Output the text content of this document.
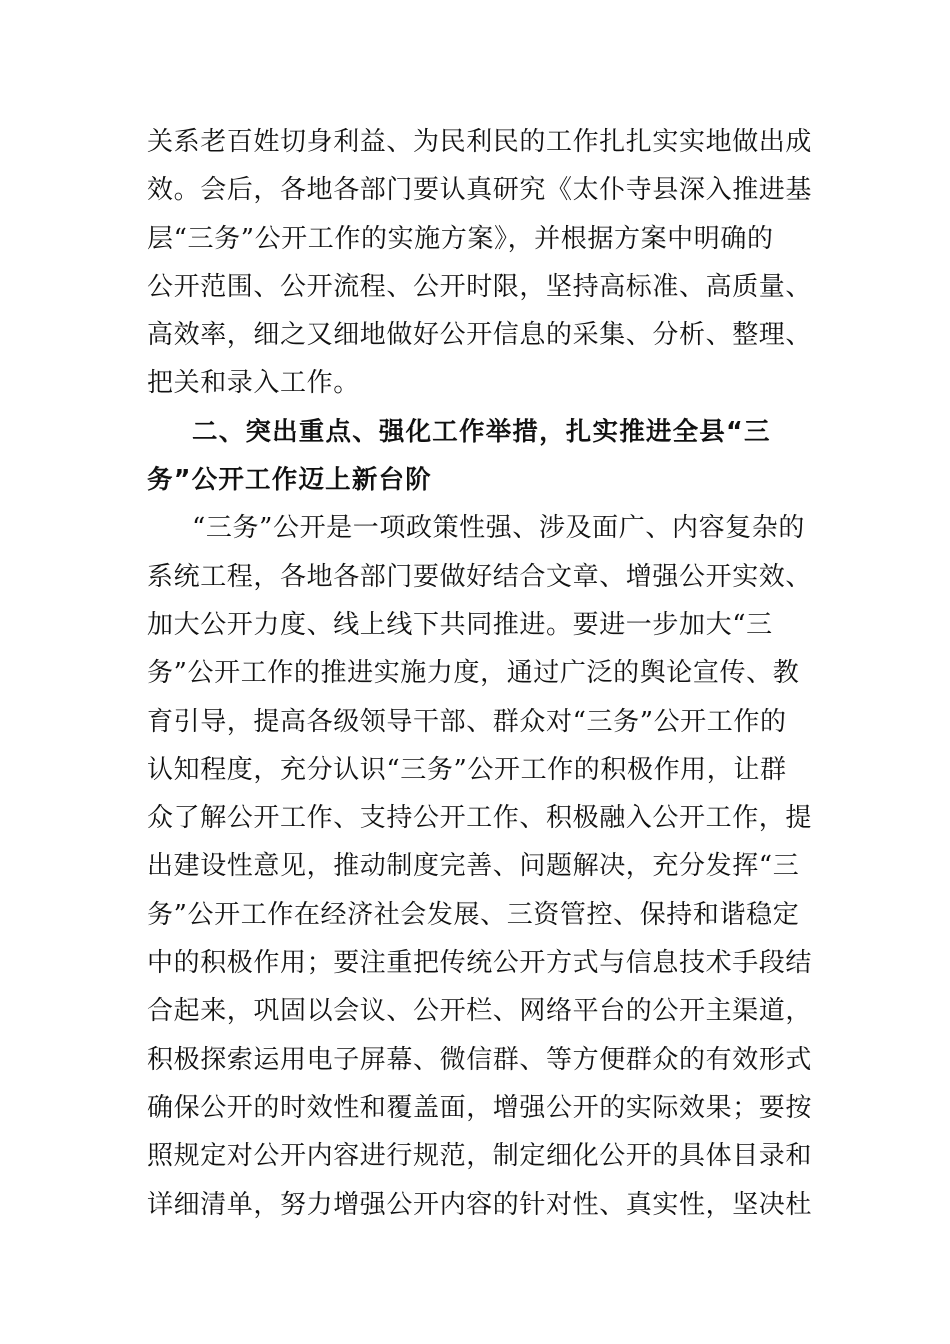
关系老百姓切身利益、为民利民的工作扎扎实实地做出成
效。会后，各地各部门要认真研究《太仆寺县深入推进基
层“三务”公开工作的实施方案》，并根据方案中明确的
公开范围、公开流程、公开时限，坚持高标准、高质量、
高效率，细之又细地做好公开信息的采集、分析、整理、
把关和录入工作。
二、突出重点、强化工作举措，扎实推进全县“三
务”公开工作迈上新台阶
“三务”公开是一项政策性强、涉及面广、内容复杂的
系统工程，各地各部门要做好结合文章、增强公开实效、
加大公开力度、线上线下共同推进。要进一步加大“三
务”公开工作的推进实施力度，通过广泛的舆论宣传、教
育引导，提高各级领导干部、群众对“三务”公开工作的
认知程度，充分认识“三务”公开工作的积极作用，让群
众了解公开工作、支持公开工作、积极融入公开工作，提
出建设性意见，推动制度完善、问题解决，充分发挥“三
务”公开工作在经济社会发展、三资管控、保持和谐稳定
中的积极作用；要注重把传统公开方式与信息技术手段结
合起来，巩固以会议、公开栏、网络平台的公开主渠道，
积极探索运用电子屏幕、微信群、等方便群众的有效形式
确保公开的时效性和覆盖面，增强公开的实际效果；要按
照规定对公开内容进行规范，制定细化公开的具体目录和
详细清单，努力增强公开内容的针对性、真实性，坚决杜
